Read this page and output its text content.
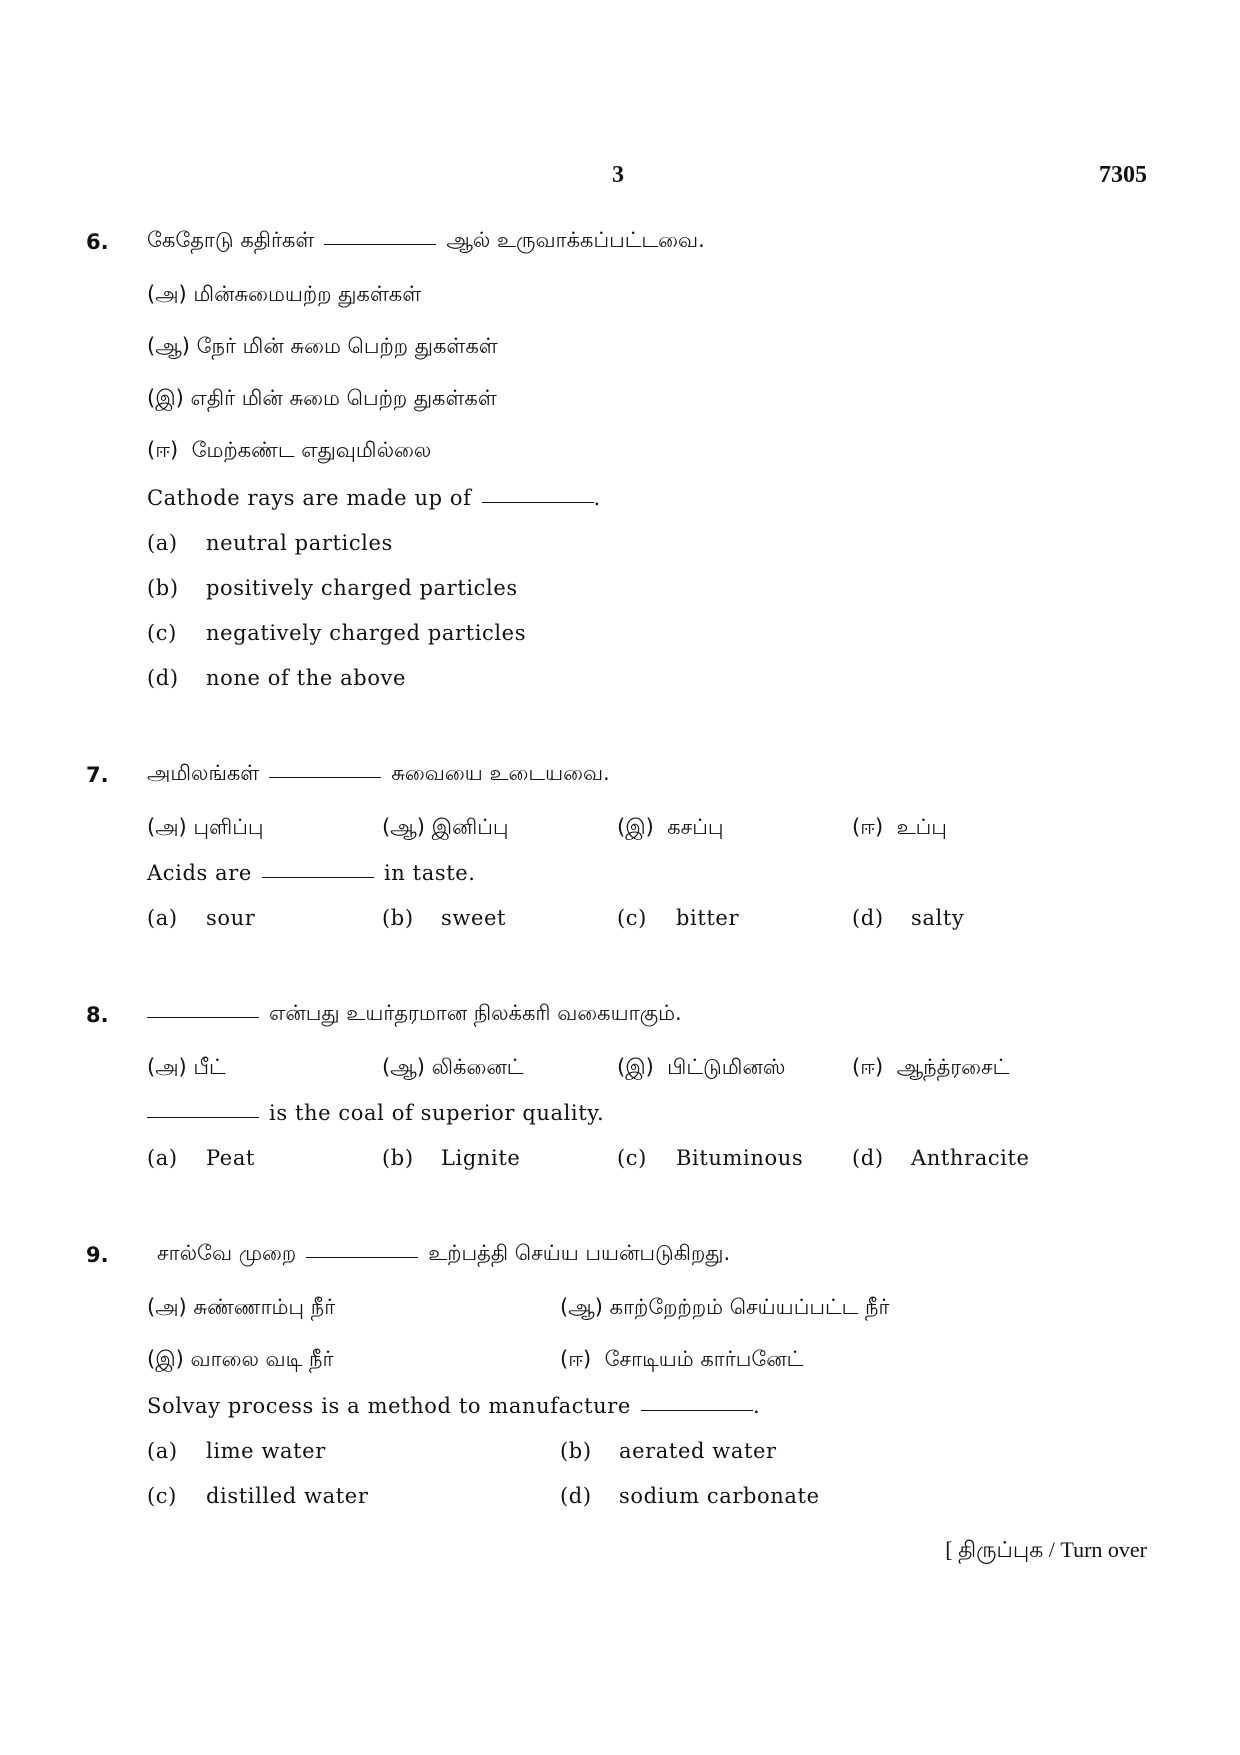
3	7305
6. கேதோடு கதிர்கள்	ஆல் உருவாக்கப்பட்டவை.
(அ) மின்சுமையற்ற துகள்கள்
(ஆ) நேர் மின் சுமை பெற்ற துகள்கள்
(இ) எதிர் மின் சுமை பெற்ற துகள்கள்
(ஈ) மேற்கண்ட எதுவுமில்லை
Cathode rays are made up of	.
(a) neutral particles
(b) positively charged particles
(c) negatively charged particles
(d) none of the above
7. அமிலங்கள்	சுவையை உடையவை.
(அ) புளிப்பு	(ஆ) இனிப்பு	(இ) கசப்பு	(ஈ) உப்பு
Acids are	in taste.
(a) sour	(b) sweet	(c) bitter	(d) salty
8.	என்பது உயர்தரமான நிலக்கரி வகையாகும்.
(அ) பீட்	(ஆ) லிக்னைட்	(இ) பிட்டுமினஸ்	(ஈ) ஆந்த்ரசைட்
is the coal of superior quality.
(a) Peat	(b) Lignite	(c) Bituminous (d) Anthracite
9. சால்வே முறை	உற்பத்தி செய்ய பயன்படுகிறது.
(அ) சுண்ணாம்பு நீர்	(ஆ) காற்றேற்றம் செய்யப்பட்ட நீர்
(இ) வாலை வடி நீர்	(ஈ) சோடியம் கார்பனேட்
Solvay process is a method to manufacture	.
(a) lime water	(b) aerated water
(c) distilled water	(d) sodium carbonate
[ திருப்புக / Turn over
